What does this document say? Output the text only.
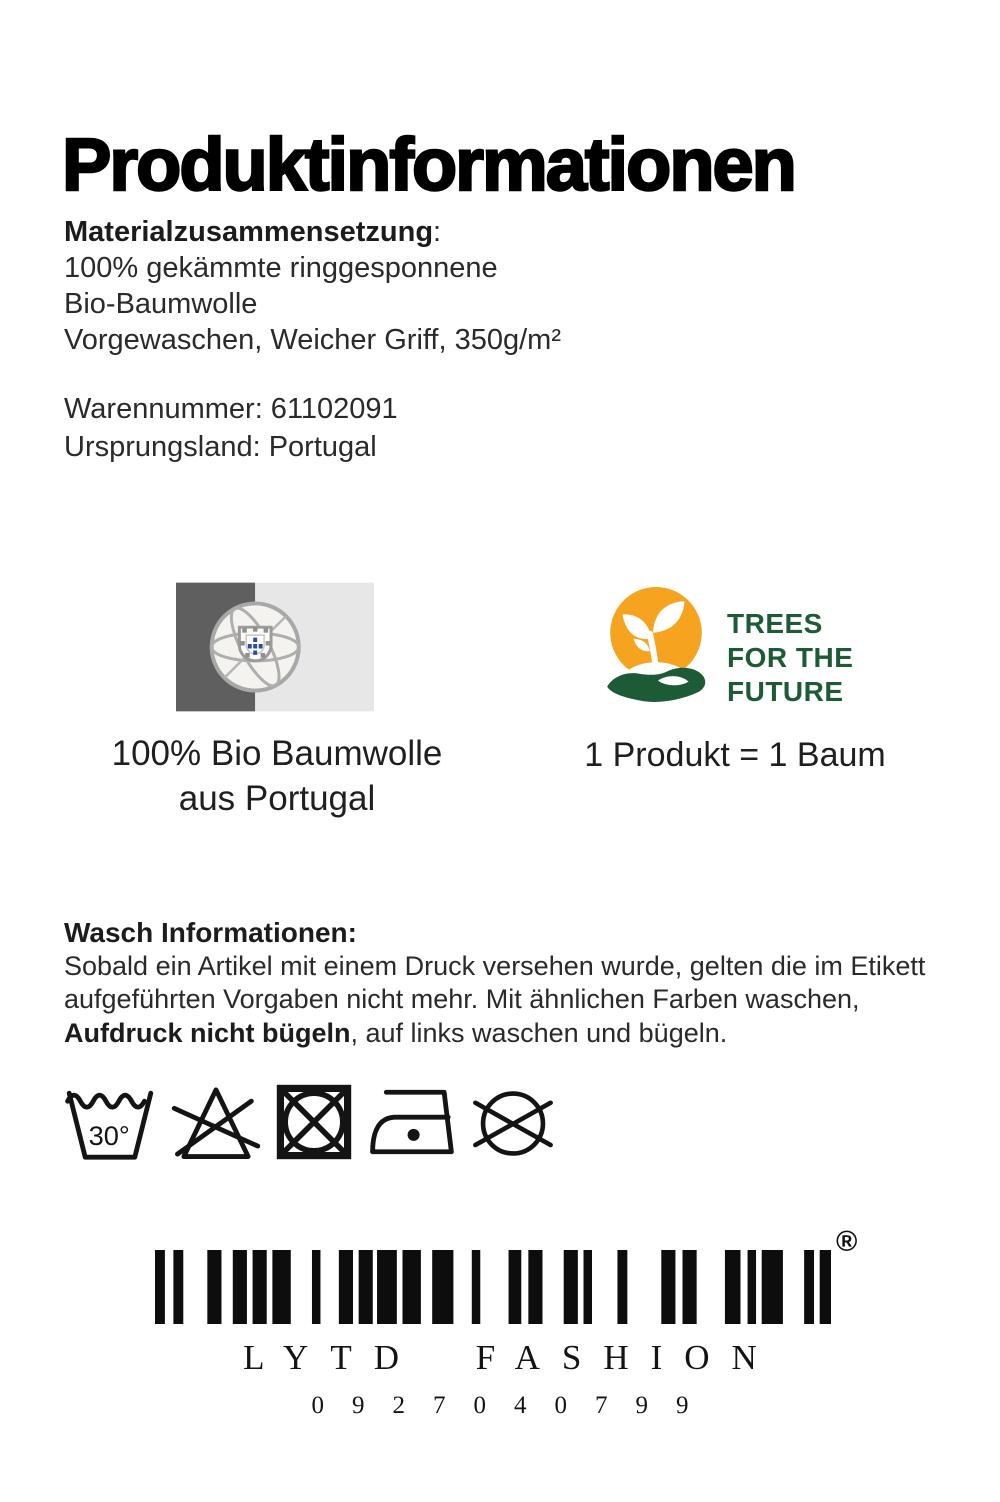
Produktinformationen
Materialzusammensetzung:
100% gekämmte ringgesponnene
Bio-Baumwolle
Vorgewaschen, Weicher Griff, 350g/m²
Warennummer: 61102091
Ursprungsland: Portugal
100% Bio Baumwolle
aus Portugal
TREES
FOR THE
FUTURE
1 Produkt = 1 Baum
Wasch Informationen:
Sobald ein Artikel mit einem Druck versehen wurde, gelten die im Etikett aufgeführten Vorgaben nicht mehr. Mit ähnlichen Farben waschen, Aufdruck nicht bügeln, auf links waschen und bügeln.
30°
®
LYTD FASHION
0927040799
